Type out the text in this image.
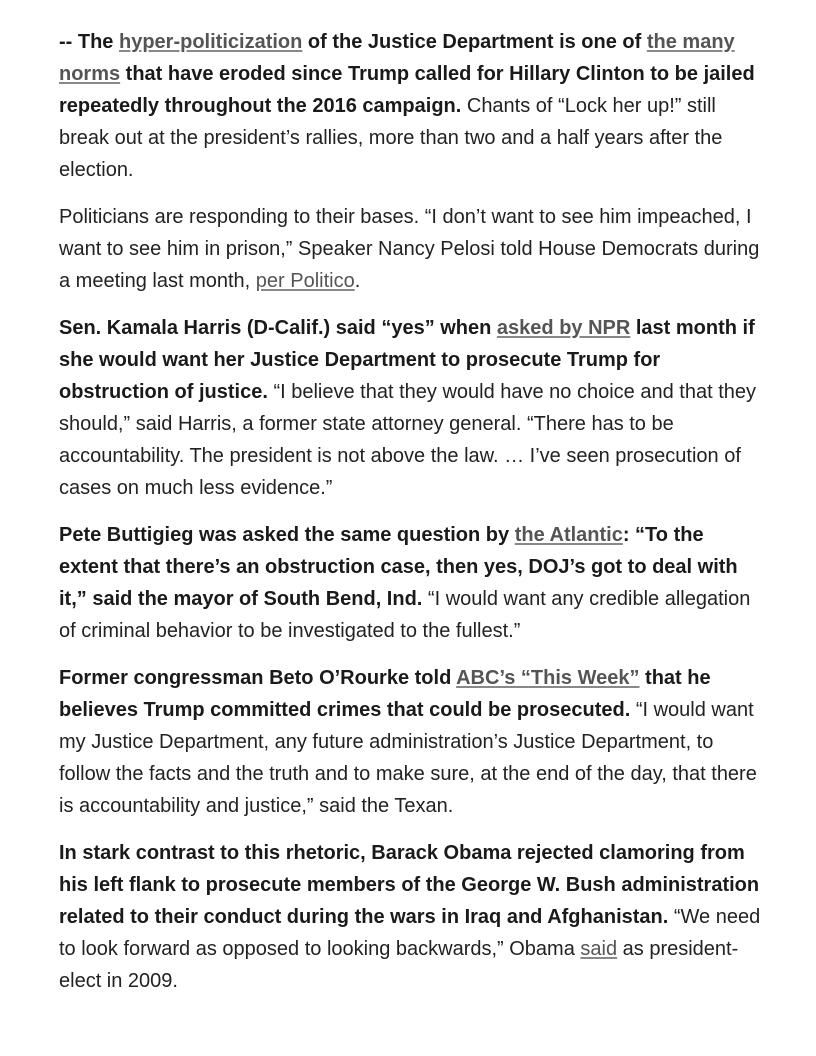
-- The hyper-politicization of the Justice Department is one of the many norms that have eroded since Trump called for Hillary Clinton to be jailed repeatedly throughout the 2016 campaign. Chants of “Lock her up!” still break out at the president’s rallies, more than two and a half years after the election.

Politicians are responding to their bases. “I don’t want to see him impeached, I want to see him in prison,” Speaker Nancy Pelosi told House Democrats during a meeting last month, per Politico.

Sen. Kamala Harris (D-Calif.) said “yes” when asked by NPR last month if she would want her Justice Department to prosecute Trump for obstruction of justice. “I believe that they would have no choice and that they should,” said Harris, a former state attorney general. “There has to be accountability. The president is not above the law. … I’ve seen prosecution of cases on much less evidence.”

Pete Buttigieg was asked the same question by the Atlantic: “To the extent that there’s an obstruction case, then yes, DOJ’s got to deal with it,” said the mayor of South Bend, Ind. “I would want any credible allegation of criminal behavior to be investigated to the fullest.”

Former congressman Beto O’Rourke told ABC’s “This Week” that he believes Trump committed crimes that could be prosecuted. “I would want my Justice Department, any future administration’s Justice Department, to follow the facts and the truth and to make sure, at the end of the day, that there is accountability and justice,” said the Texan.

In stark contrast to this rhetoric, Barack Obama rejected clamoring from his left flank to prosecute members of the George W. Bush administration related to their conduct during the wars in Iraq and Afghanistan. “We need to look forward as opposed to looking backwards,” Obama said as president-elect in 2009.
